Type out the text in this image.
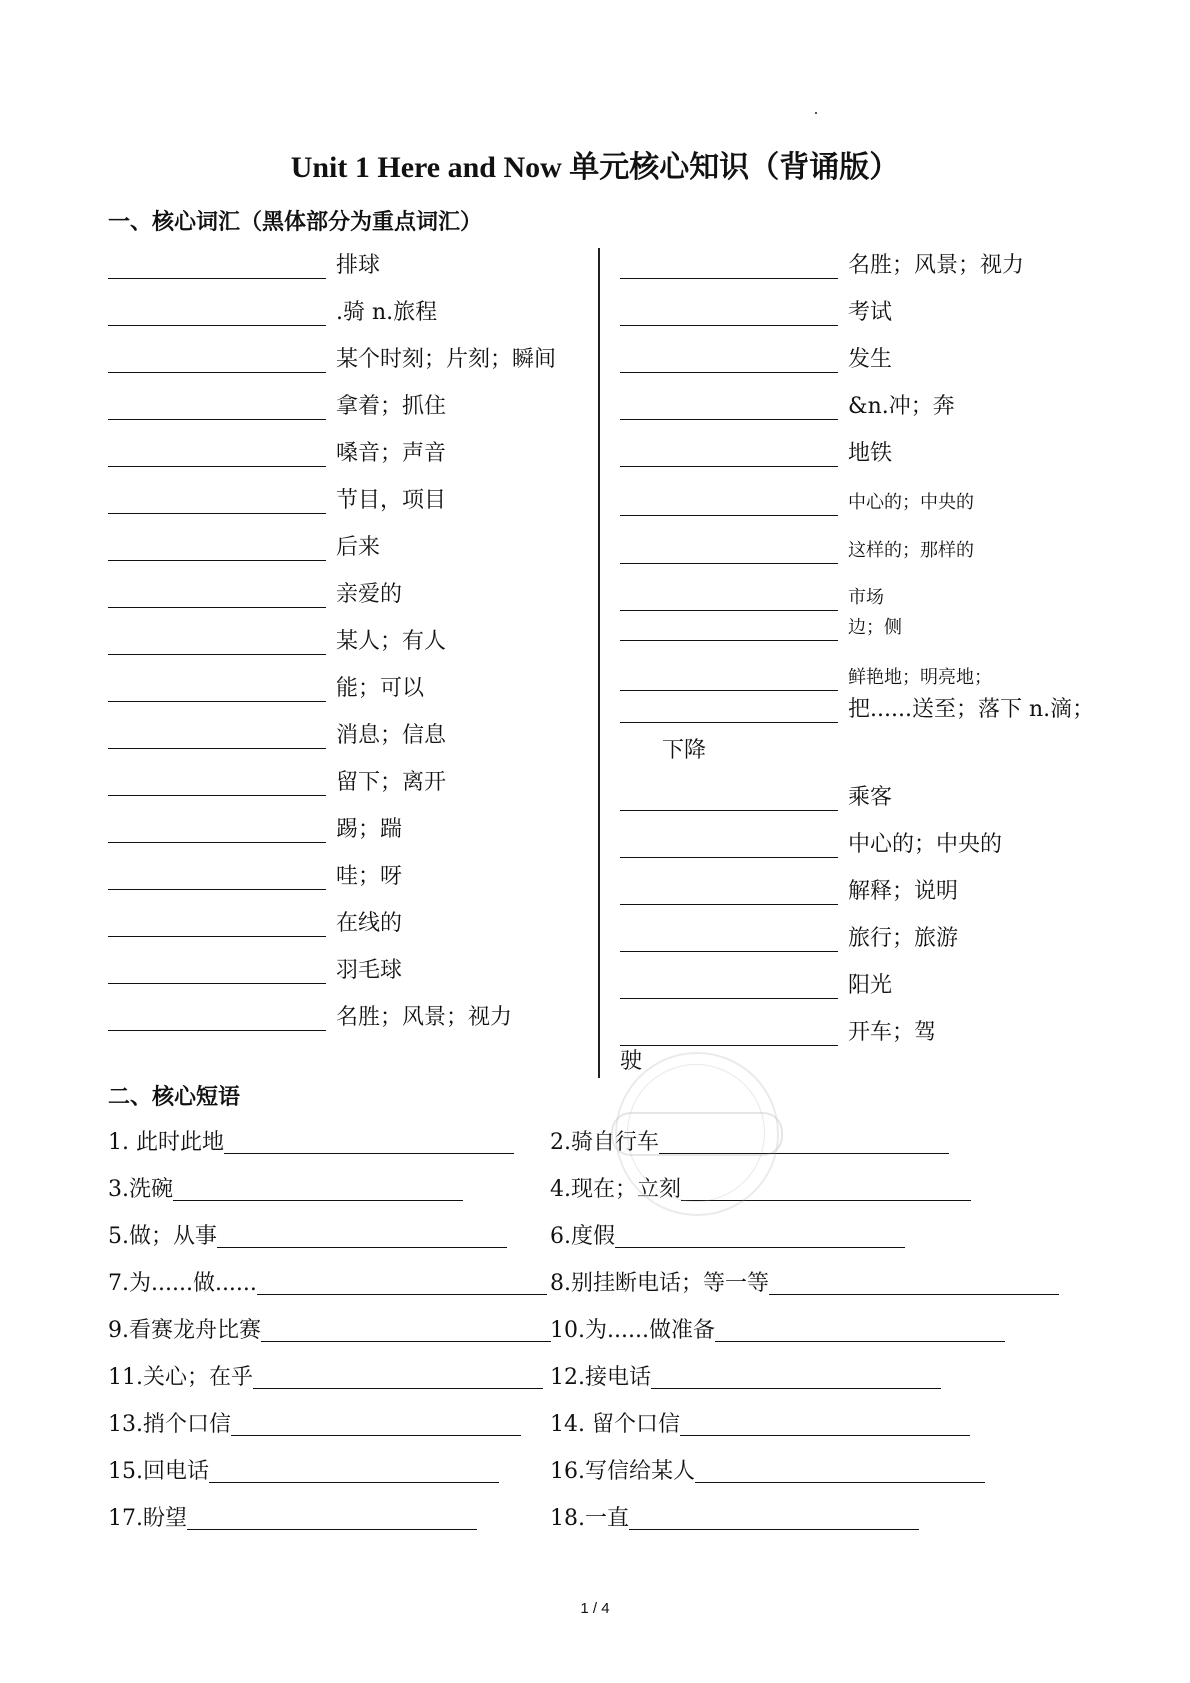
Unit 1 Here and Now 单元核心知识（背诵版）
一、核心词汇（黑体部分为重点词汇）
排球
.骑 n.旅程
某个时刻；片刻；瞬间
拿着；抓住
嗓音；声音
节目，项目
后来
亲爱的
某人；有人
能；可以
消息；信息
留下；离开
踢；踹
哇；呀
在线的
羽毛球
名胜；风景；视力
名胜；风景；视力
考试
发生
&n.冲；奔
地铁
中心的；中央的
这样的；那样的
市场
边；侧
鲜艳地；明亮地；
把......送至；落下 n.滴；
乘客
中心的；中央的
解释；说明
旅行；旅游
阳光
开车；驾
下降
驶
二、核心短语
1. 此时此地	2.骑自行车
3.洗碗	4.现在；立刻
5.做；从事	6.度假
7.为......做......	8.别挂断电话；等一等
9.看赛龙舟比赛	10.为......做准备
11.关心；在乎	12.接电话
13.捎个口信	14. 留个口信
15.回电话	16.写信给某人
17.盼望	18.一直
1 / 4
